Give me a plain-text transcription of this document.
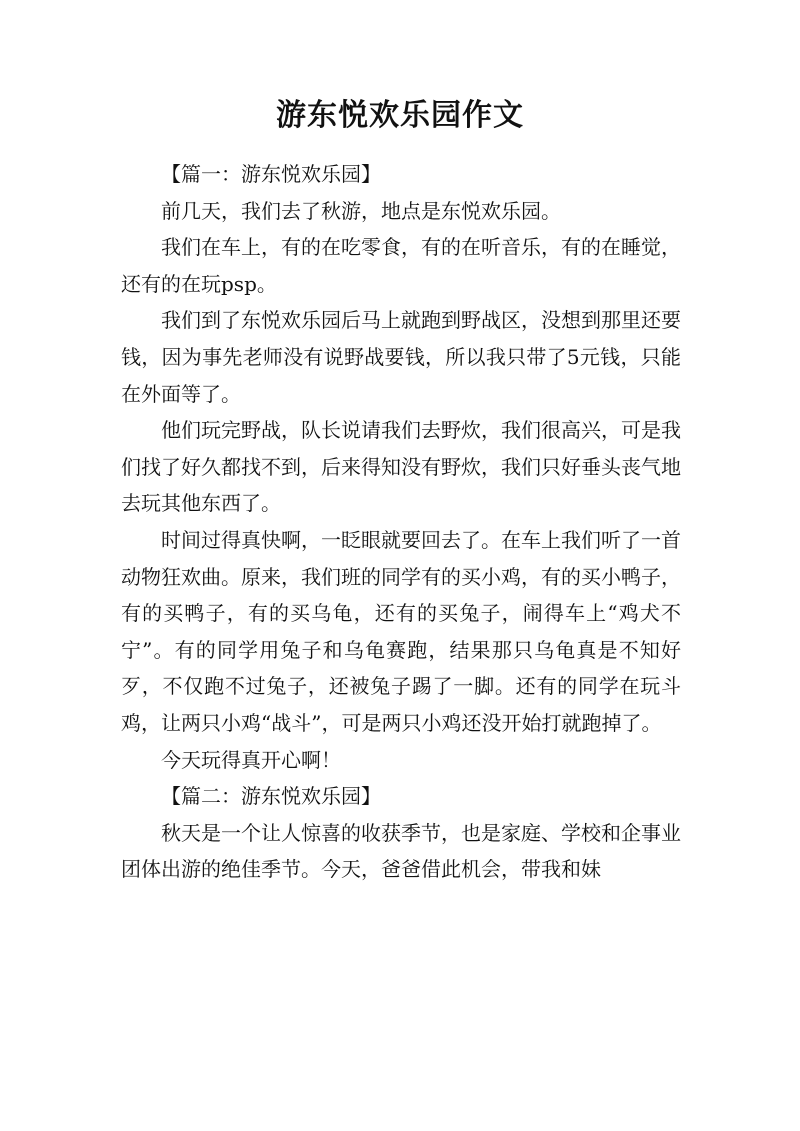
游东悦欢乐园作文

【篇一：游东悦欢乐园】

前几天，我们去了秋游，地点是东悦欢乐园。

我们在车上，有的在吃零食，有的在听音乐，有的在睡觉，还有的在玩psp。

我们到了东悦欢乐园后马上就跑到野战区，没想到那里还要钱，因为事先老师没有说野战要钱，所以我只带了5元钱，只能在外面等了。

他们玩完野战，队长说请我们去野炊，我们很高兴，可是我们找了好久都找不到，后来得知没有野炊，我们只好垂头丧气地去玩其他东西了。

时间过得真快啊，一眨眼就要回去了。在车上我们听了一首动物狂欢曲。原来，我们班的同学有的买小鸡，有的买小鸭子，有的买鸭子，有的买乌龟，还有的买兔子，闹得车上“鸡犬不宁”。有的同学用兔子和乌龟赛跑，结果那只乌龟真是不知好歹，不仅跑不过兔子，还被兔子踢了一脚。还有的同学在玩斗鸡，让两只小鸡“战斗”，可是两只小鸡还没开始打就跑掉了。

今天玩得真开心啊！

【篇二：游东悦欢乐园】

秋天是一个让人惊喜的收获季节，也是家庭、学校和企事业团体出游的绝佳季节。今天，爸爸借此机会，带我和妹
